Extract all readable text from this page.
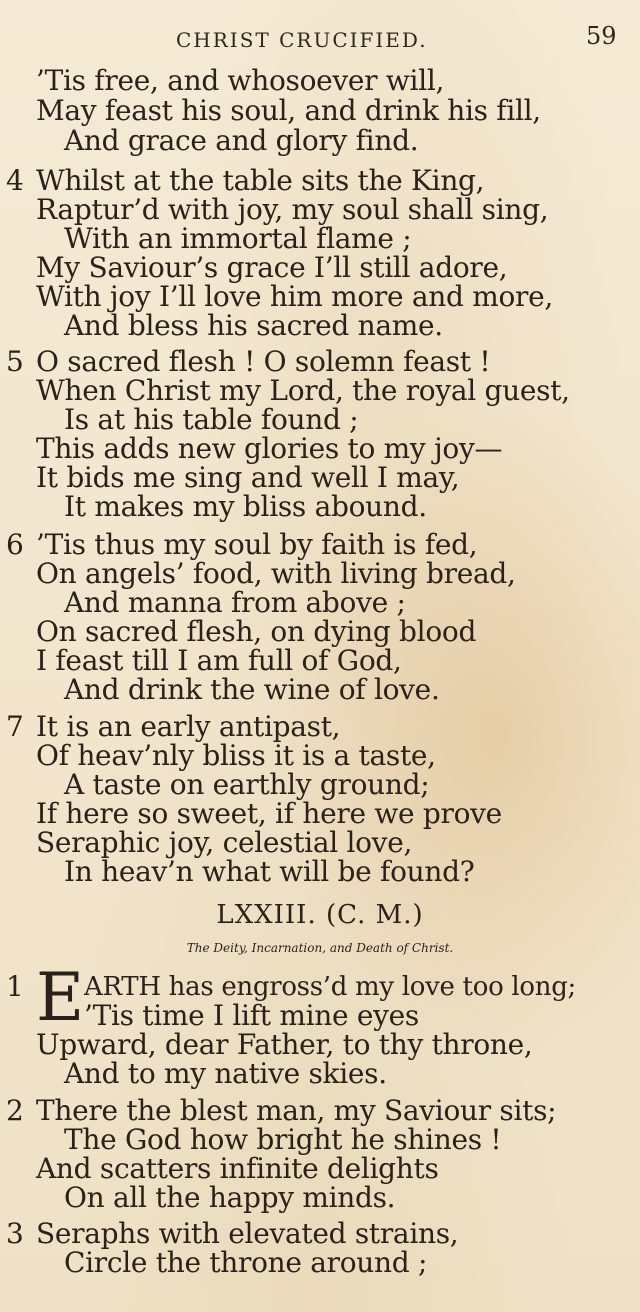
CHRIST CRUCIFIED.	59
’Tis free, and whosoever will,
May feast his soul, and drink his fill,
And grace and glory find.
4 Whilst at the table sits the King,
Raptur’d with joy, my soul shall sing,
With an immortal flame ;
My Saviour’s grace I’ll still adore,
With joy I’ll love him more and more,
And bless his sacred name.
5 O sacred flesh ! O solemn feast !
When Christ my Lord, the royal guest,
Is at his table found ;
This adds new glories to my joy—
It bids me sing and well I may,
It makes my bliss abound.
6 ’Tis thus my soul by faith is fed,
On angels’ food, with living bread,
And manna from above ;
On sacred flesh, on dying blood
I feast till I am full of God,
And drink the wine of love.
7 It is an early antipast,
Of heav’nly bliss it is a taste,
A taste on earthly ground;
If here so sweet, if here we prove
Seraphic joy, celestial love,
In heav’n what will be found?
LXXIII. (C. M.)
The Deity, Incarnation, and Death of Christ.
1 E ARTH has engross’d my love too long;
’Tis time I lift mine eyes
Upward, dear Father, to thy throne,
And to my native skies.
2 There the blest man, my Saviour sits;
The God how bright he shines !
And scatters infinite delights
On all the happy minds.
3 Seraphs with elevated strains,
Circle the throne around ;
